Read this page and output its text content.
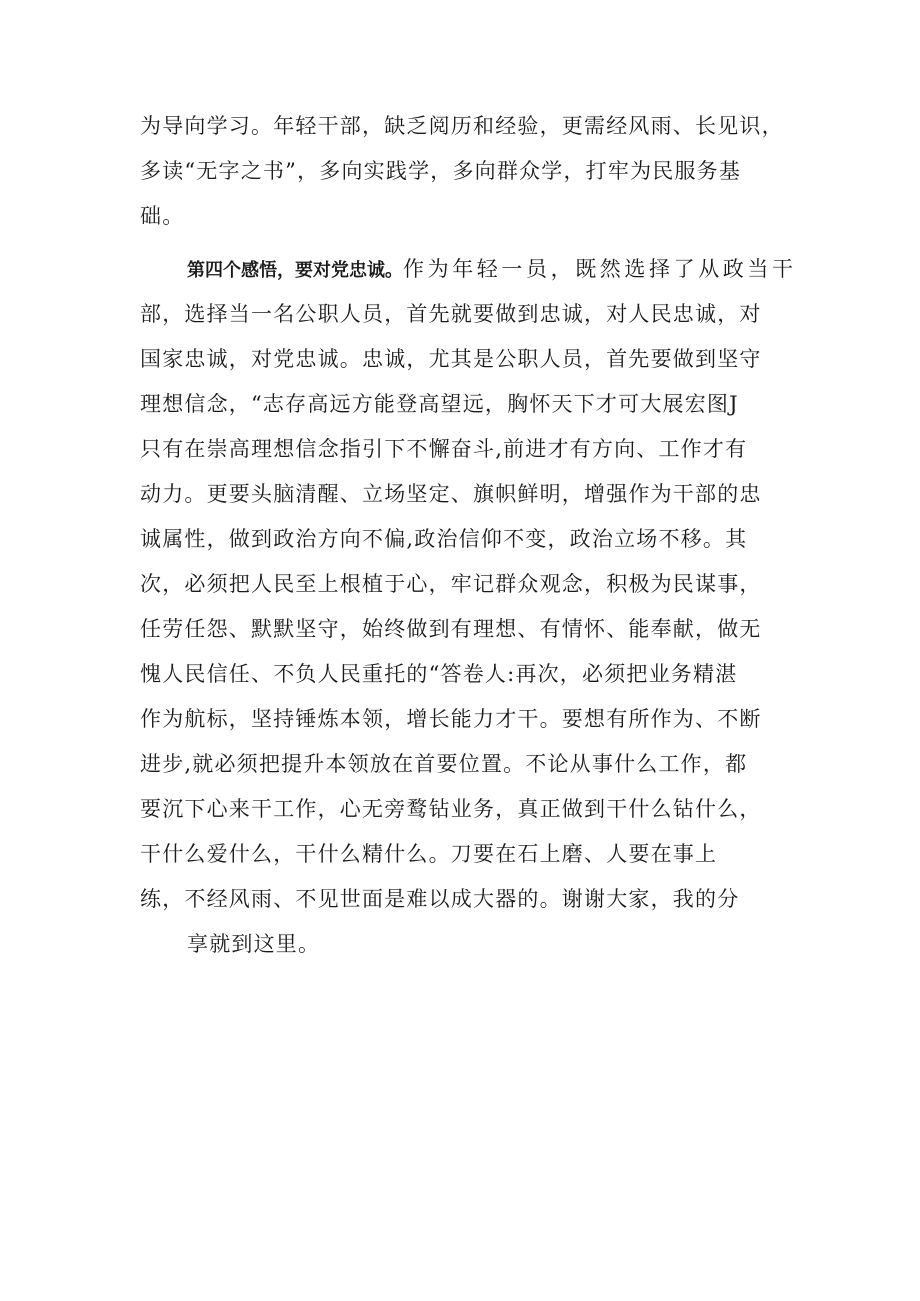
为导向学习。年轻干部，缺乏阅历和经验，更需经风雨、长见识，
多读“无字之书”，多向实践学，多向群众学，打牢为民服务基
础。
第四个感悟，要对党忠诚。作为年轻一员，既然选择了从政当干
部，选择当一名公职人员，首先就要做到忠诚，对人民忠诚，对
国家忠诚，对党忠诚。忠诚，尤其是公职人员，首先要做到坚守
理想信念，“志存高远方能登高望远，胸怀天下才可大展宏图J
只有在崇高理想信念指引下不懈奋斗,前进才有方向、工作才有
动力。更要头脑清醒、立场坚定、旗帜鲜明，增强作为干部的忠
诚属性，做到政治方向不偏,政治信仰不变，政治立场不移。其
次，必须把人民至上根植于心，牢记群众观念，积极为民谋事，
任劳任怨、默默坚守，始终做到有理想、有情怀、能奉献，做无
愧人民信任、不负人民重托的“答卷人:再次，必须把业务精湛
作为航标，坚持锤炼本领，增长能力才干。要想有所作为、不断
进步,就必须把提升本领放在首要位置。不论从事什么工作，都
要沉下心来干工作，心无旁鹜钻业务，真正做到干什么钻什么，
干什么爱什么，干什么精什么。刀要在石上磨、人要在事上
练，不经风雨、不见世面是难以成大器的。谢谢大家，我的分
享就到这里。
